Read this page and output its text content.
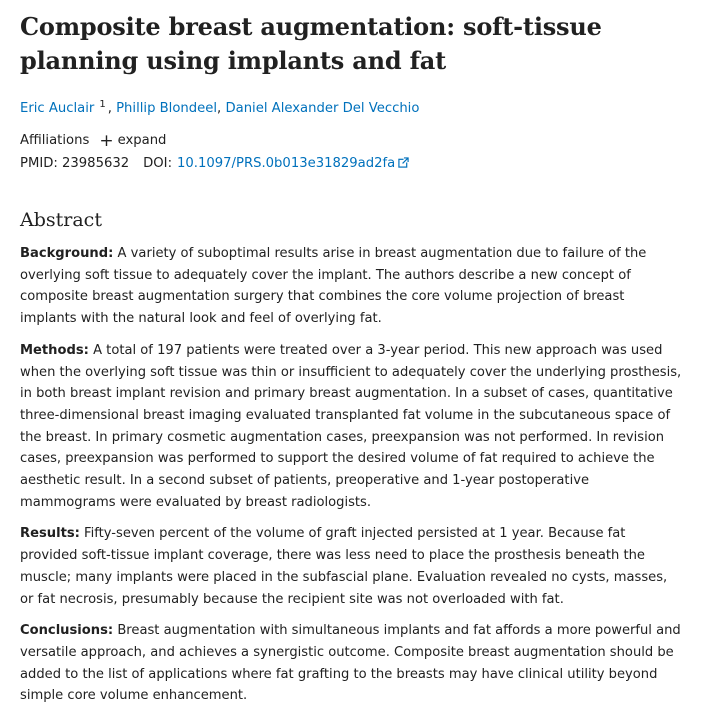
Composite breast augmentation: soft-tissue planning using implants and fat
Eric Auclair $^1$ , Phillip Blondeel, Daniel Alexander Del Vecchio
Affiliations + expand
PMID: 23985632 DOI: 10.1097/PRS.0b013e31829ad2fa
Abstract

Background: A variety of suboptimal results arise in breast augmentation due to failure of the overlying soft tissue to adequately cover the implant. The authors describe a new concept of composite breast augmentation surgery that combines the core volume projection of breast implants with the natural look and feel of overlying fat.

Methods: A total of 197 patients were treated over a 3-year period. This new approach was used when the overlying soft tissue was thin or insufficient to adequately cover the underlying prosthesis, in both breast implant revision and primary breast augmentation. In a subset of cases, quantitative three-dimensional breast imaging evaluated transplanted fat volume in the subcutaneous space of the breast. In primary cosmetic augmentation cases, preexpansion was not performed. In revision cases, preexpansion was performed to support the desired volume of fat required to achieve the aesthetic result. In a second subset of patients, preoperative and 1-year postoperative mammograms were evaluated by breast radiologists.

Results: Fifty-seven percent of the volume of graft injected persisted at 1 year. Because fat provided soft-tissue implant coverage, there was less need to place the prosthesis beneath the muscle; many implants were placed in the subfascial plane. Evaluation revealed no cysts, masses, or fat necrosis, presumably because the recipient site was not overloaded with fat.

Conclusions: Breast augmentation with simultaneous implants and fat affords a more powerful and versatile approach, and achieves a synergistic outcome. Composite breast augmentation should be added to the list of applications where fat grafting to the breasts may have clinical utility beyond simple core volume enhancement.
